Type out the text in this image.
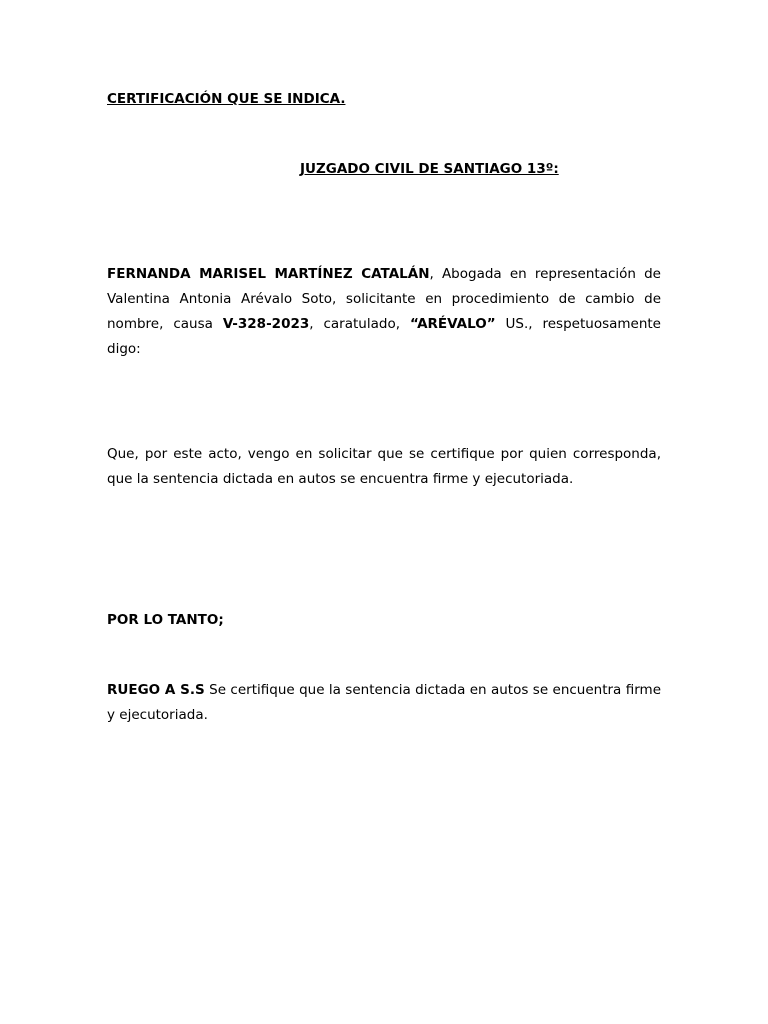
CERTIFICACIÓN QUE SE INDICA.
JUZGADO CIVIL DE SANTIAGO 13º:
FERNANDA MARISEL MARTÍNEZ CATALÁN, Abogada en representación de Valentina Antonia Arévalo Soto, solicitante en procedimiento de cambio de nombre, causa V-328-2023, caratulado, “ARÉVALO” US., respetuosamente digo:
Que, por este acto, vengo en solicitar que se certifique por quien corresponda, que la sentencia dictada en autos se encuentra firme y ejecutoriada.
POR LO TANTO;
RUEGO A S.S Se certifique que la sentencia dictada en autos se encuentra firme y ejecutoriada.
